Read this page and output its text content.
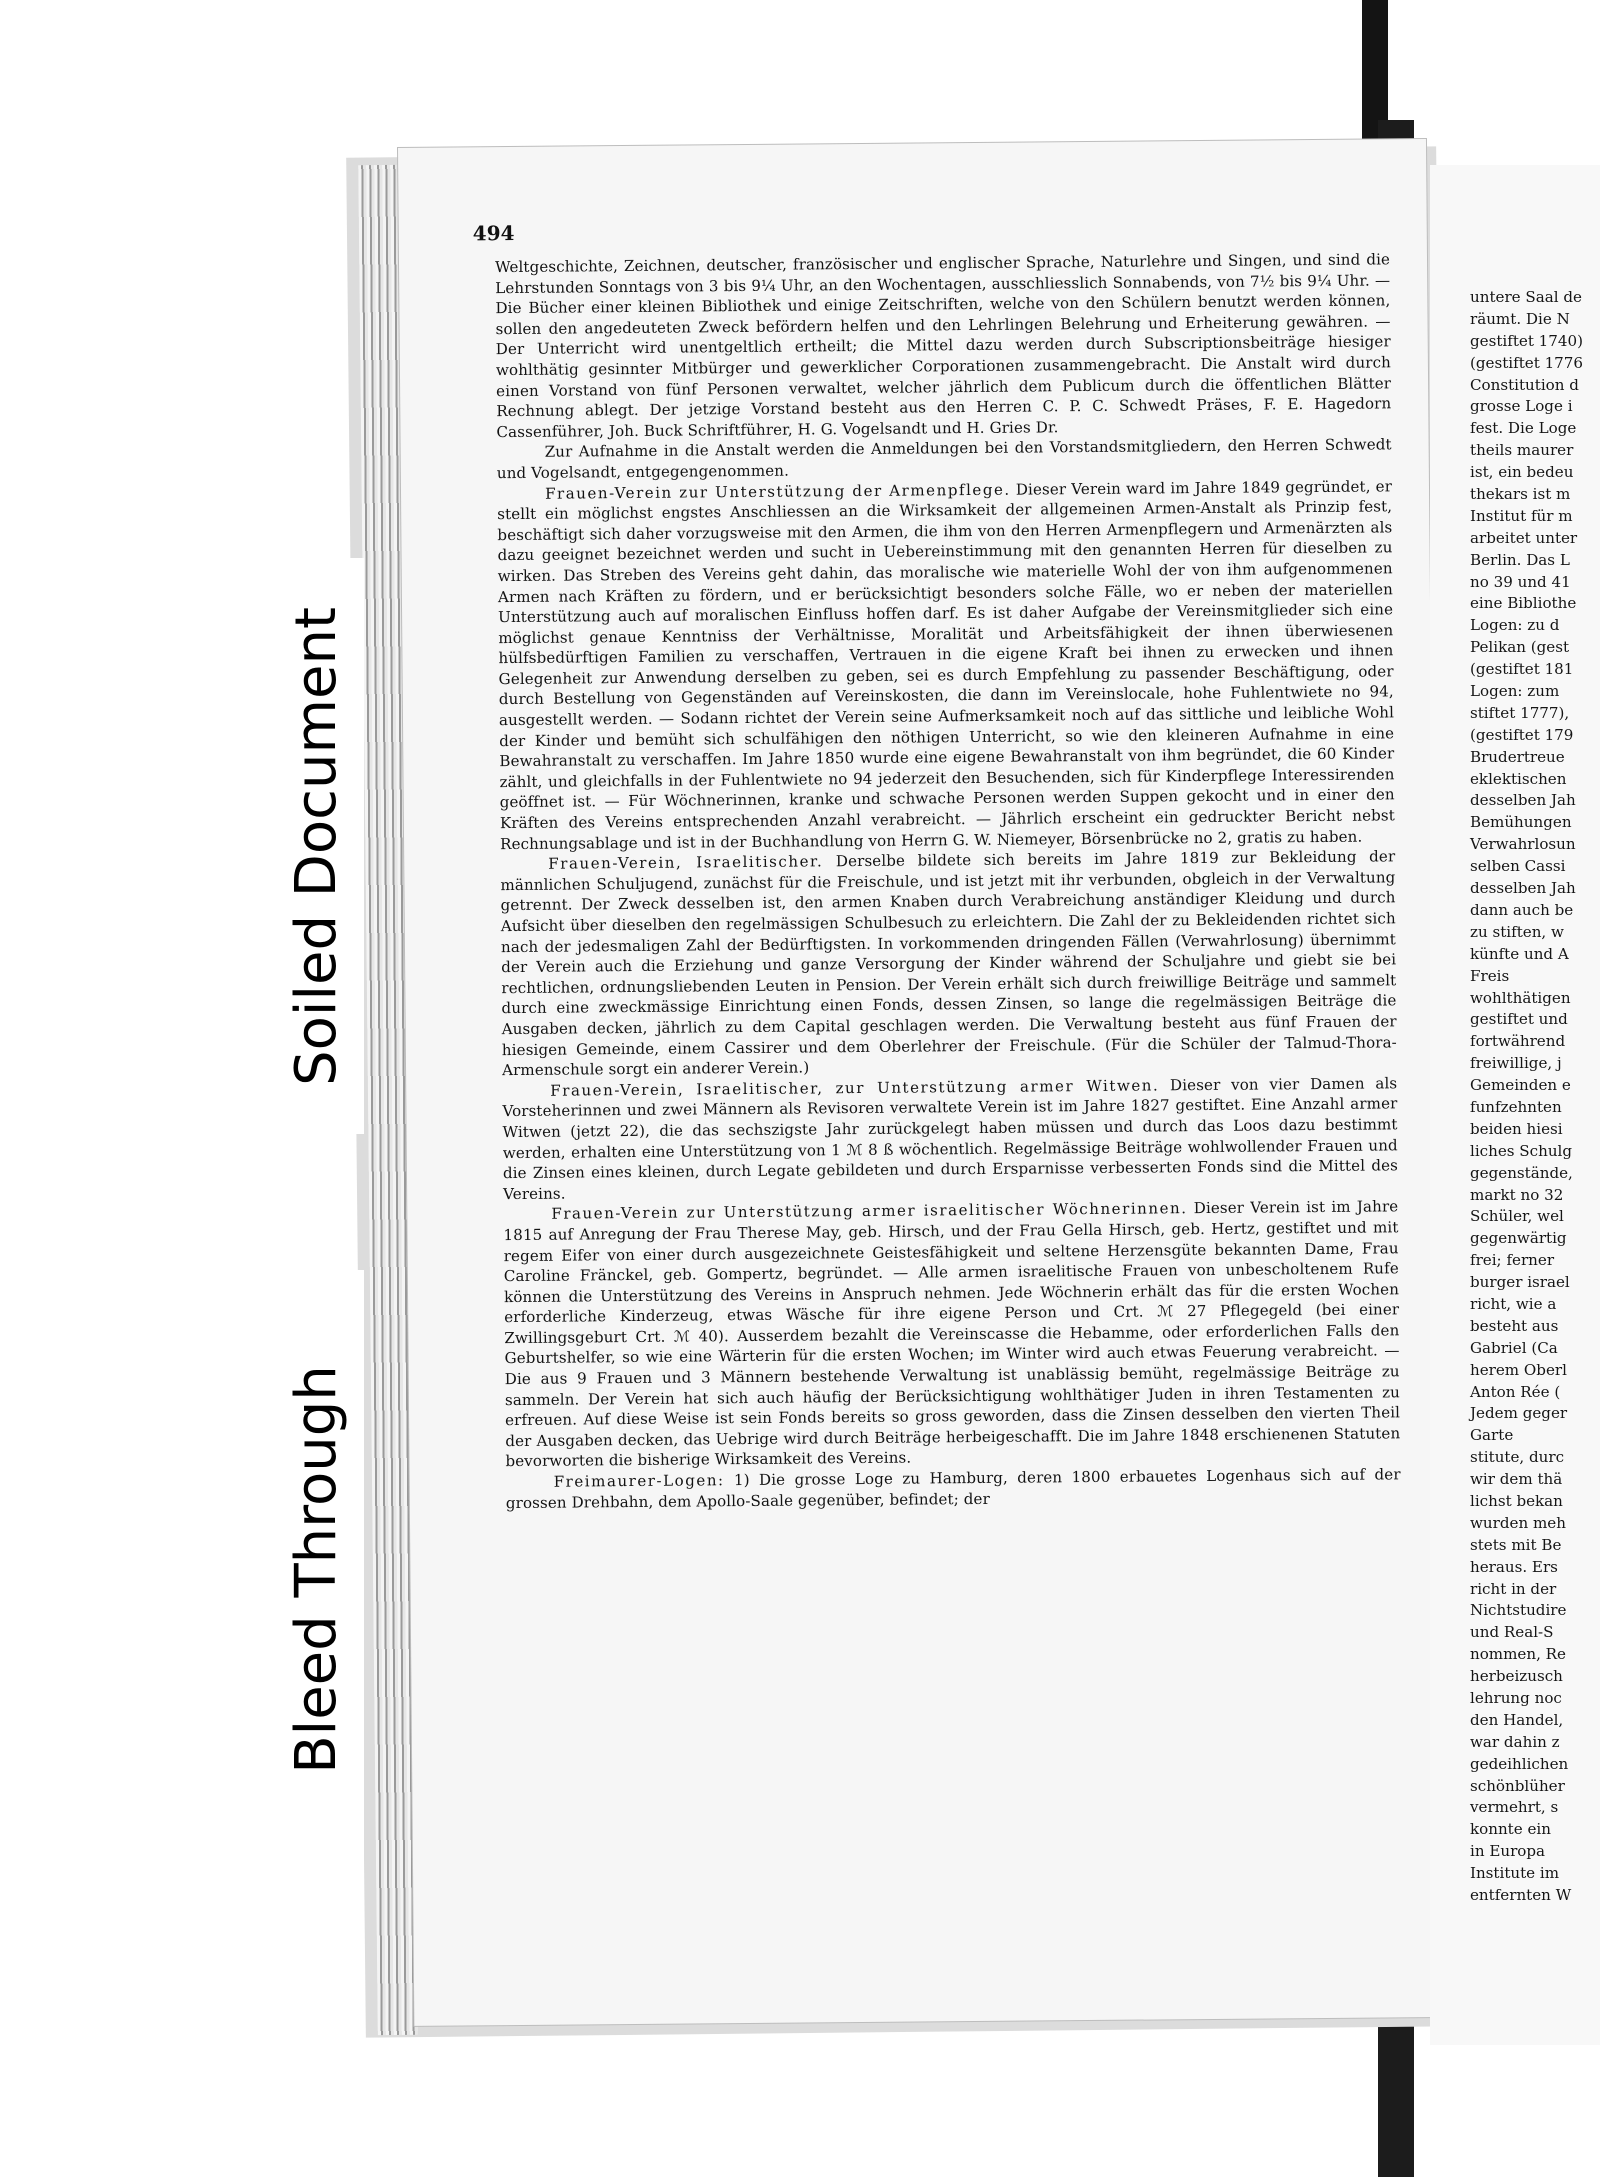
494

Weltgeschichte, Zeichnen, deutscher, französischer und englischer Sprache, Naturlehre und Singen, und sind die Lehrstunden Sonntags von 3 bis 9¼ Uhr, an den Wochentagen, ausschliesslich Sonnabends, von 7½ bis 9¼ Uhr. — Die Bücher einer kleinen Bibliothek und einige Zeitschriften, welche von den Schülern benutzt werden können, sollen den angedeuteten Zweck befördern helfen und den Lehrlingen Belehrung und Erheiterung gewähren. — Der Unterricht wird unentgeltlich ertheilt; die Mittel dazu werden durch Subscriptionsbeiträge hiesiger wohlthätig gesinnter Mitbürger und gewerklicher Corporationen zusammengebracht. Die Anstalt wird durch einen Vorstand von fünf Personen verwaltet, welcher jährlich dem Publicum durch die öffentlichen Blätter Rechnung ablegt. Der jetzige Vorstand besteht aus den Herren C. P. C. Schwedt Präses, F. E. Hagedorn Cassenführer, Joh. Buck Schriftführer, H. G. Vogelsandt und H. Gries Dr.

Zur Aufnahme in die Anstalt werden die Anmeldungen bei den Vorstandsmitgliedern, den Herren Schwedt und Vogelsandt, entgegengenommen.

Frauen-Verein zur Unterstützung der Armenpflege. Dieser Verein ward im Jahre 1849 gegründet, er stellt ein möglichst engstes Anschliessen an die Wirksamkeit der allgemeinen Armen-Anstalt als Prinzip fest, beschäftigt sich daher vorzugsweise mit den Armen, die ihm von den Herren Armenpflegern und Armenärzten als dazu geeignet bezeichnet werden und sucht in Uebereinstimmung mit den genannten Herren für dieselben zu wirken. Das Streben des Vereins geht dahin, das moralische wie materielle Wohl der von ihm aufgenommenen Armen nach Kräften zu fördern, und er berücksichtigt besonders solche Fälle, wo er neben der materiellen Unterstützung auch auf moralischen Einfluss hoffen darf. Es ist daher Aufgabe der Vereinsmitglieder sich eine möglichst genaue Kenntniss der Verhältnisse, Moralität und Arbeitsfähigkeit der ihnen überwiesenen hülfsbedürftigen Familien zu verschaffen, Vertrauen in die eigene Kraft bei ihnen zu erwecken und ihnen Gelegenheit zur Anwendung derselben zu geben, sei es durch Empfehlung zu passender Beschäftigung, oder durch Bestellung von Gegenständen auf Vereinskosten, die dann im Vereinslocale, hohe Fuhlentwiete no 94, ausgestellt werden. — Sodann richtet der Verein seine Aufmerksamkeit noch auf das sittliche und leibliche Wohl der Kinder und bemüht sich schulfähigen den nöthigen Unterricht, so wie den kleineren Aufnahme in eine Bewahranstalt zu verschaffen. Im Jahre 1850 wurde eine eigene Bewahranstalt von ihm begründet, die 60 Kinder zählt, und gleichfalls in der Fuhlentwiete no 94 jederzeit den Besuchenden, sich für Kinderpflege Interessirenden geöffnet ist. — Für Wöchnerinnen, kranke und schwache Personen werden Suppen gekocht und in einer den Kräften des Vereins entsprechenden Anzahl verabreicht. — Jährlich erscheint ein gedruckter Bericht nebst Rechnungsablage und ist in der Buchhandlung von Herrn G. W. Niemeyer, Börsenbrücke no 2, gratis zu haben.

Frauen-Verein, Israelitischer. Derselbe bildete sich bereits im Jahre 1819 zur Bekleidung der männlichen Schuljugend, zunächst für die Freischule, und ist jetzt mit ihr verbunden, obgleich in der Verwaltung getrennt. Der Zweck desselben ist, den armen Knaben durch Verabreichung anständiger Kleidung und durch Aufsicht über dieselben den regelmässigen Schulbesuch zu erleichtern. Die Zahl der zu Bekleidenden richtet sich nach der jedesmaligen Zahl der Bedürftigsten. In vorkommenden dringenden Fällen (Verwahrlosung) übernimmt der Verein auch die Erziehung und ganze Versorgung der Kinder während der Schuljahre und giebt sie bei rechtlichen, ordnungsliebenden Leuten in Pension. Der Verein erhält sich durch freiwillige Beiträge und sammelt durch eine zweckmässige Einrichtung einen Fonds, dessen Zinsen, so lange die regelmässigen Beiträge die Ausgaben decken, jährlich zu dem Capital geschlagen werden. Die Verwaltung besteht aus fünf Frauen der hiesigen Gemeinde, einem Cassirer und dem Oberlehrer der Freischule. (Für die Schüler der Talmud-Thora-Armenschule sorgt ein anderer Verein.)

Frauen-Verein, Israelitischer, zur Unterstützung armer Witwen. Dieser von vier Damen als Vorsteherinnen und zwei Männern als Revisoren verwaltete Verein ist im Jahre 1827 gestiftet. Eine Anzahl armer Witwen (jetzt 22), die das sechszigste Jahr zurückgelegt haben müssen und durch das Loos dazu bestimmt werden, erhalten eine Unterstützung von 1 ℳ 8 ß wöchentlich. Regelmässige Beiträge wohlwollender Frauen und die Zinsen eines kleinen, durch Legate gebildeten und durch Ersparnisse verbesserten Fonds sind die Mittel des Vereins.

Frauen-Verein zur Unterstützung armer israelitischer Wöchnerinnen. Dieser Verein ist im Jahre 1815 auf Anregung der Frau Therese May, geb. Hirsch, und der Frau Gella Hirsch, geb. Hertz, gestiftet und mit regem Eifer von einer durch ausgezeichnete Geistesfähigkeit und seltene Herzensgüte bekannten Dame, Frau Caroline Fränckel, geb. Gompertz, begründet. — Alle armen israelitische Frauen von unbescholtenem Rufe können die Unterstützung des Vereins in Anspruch nehmen. Jede Wöchnerin erhält das für die ersten Wochen erforderliche Kinderzeug, etwas Wäsche für ihre eigene Person und Crt. ℳ 27 Pflegegeld (bei einer Zwillingsgeburt Crt. ℳ 40). Ausserdem bezahlt die Vereinscasse die Hebamme, oder erforderlichen Falls den Geburtshelfer, so wie eine Wärterin für die ersten Wochen; im Winter wird auch etwas Feuerung verabreicht. — Die aus 9 Frauen und 3 Männern bestehende Verwaltung ist unablässig bemüht, regelmässige Beiträge zu sammeln. Der Verein hat sich auch häufig der Berücksichtigung wohlthätiger Juden in ihren Testamenten zu erfreuen. Auf diese Weise ist sein Fonds bereits so gross geworden, dass die Zinsen desselben den vierten Theil der Ausgaben decken, das Uebrige wird durch Beiträge herbeigeschafft. Die im Jahre 1848 erschienenen Statuten bevorworten die bisherige Wirksamkeit des Vereins.

Freimaurer-Logen: 1) Die grosse Loge zu Hamburg, deren 1800 erbauetes Logenhaus sich auf der grossen Drehbahn, dem Apollo-Saale gegenüber, befindet; der

untere Saal de
räumt. Die N
gestiftet 1740)
(gestiftet 1776
Constitution d
grosse Loge i
fest. Die Loge
theils maurer
ist, ein bedeu
thekars ist m
Institut für m
arbeitet unter
Berlin. Das L
no 39 und 41
eine Bibliothe
Logen: zu d
Pelikan (gest
(gestiftet 181
Logen: zum
stiftet 1777),
(gestiftet 179
Brudertreue
eklektischen
desselben Jah
Bemühungen
Verwahrlosun
selben Cassi
desselben Jah
dann auch be
zu stiften, w
künfte und A
Freis
wohlthätigen
gestiftet und
fortwährend
freiwillige, j
Gemeinden e
funfzehnten
beiden hiesi
liches Schulg
gegenstände,
markt no 32
Schüler, wel
gegenwärtig
frei; ferner
burger israel
richt, wie a
besteht aus
Gabriel (Ca
herem Oberl
Anton Rée (
Jedem geger
Garte
stitute, durc
wir dem thä
lichst bekan
wurden meh
stets mit Be
heraus. Ers
richt in der
Nichtstudire
und Real-S
nommen, Re
herbeizusch
lehrung noc
den Handel,
war dahin z
gedeihlichen
schönblüher
vermehrt, s
konnte ein
in Europa
Institute im
entfernten W
Soiled Document
Bleed Through
